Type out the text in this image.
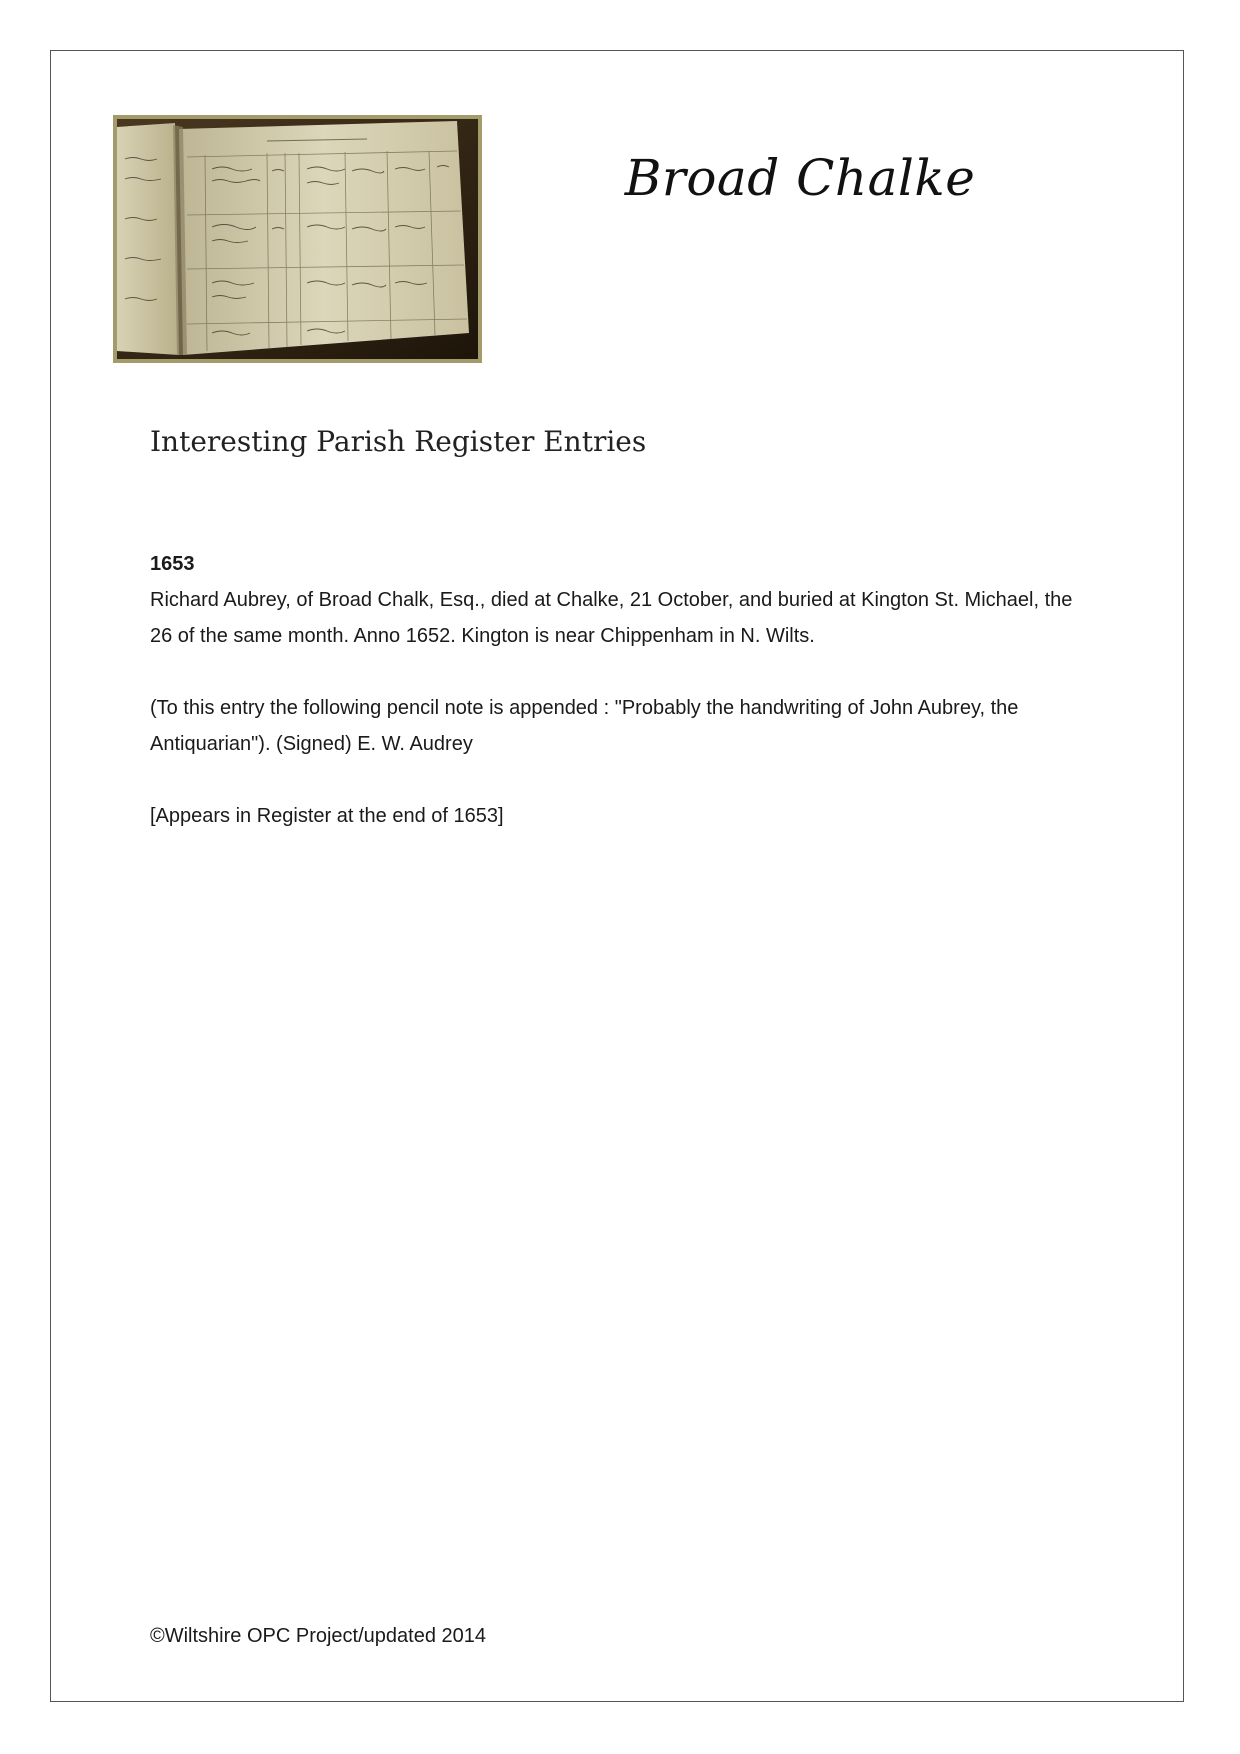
Broad Chalke
Interesting Parish Register Entries
1653

Richard Aubrey, of Broad Chalk, Esq., died at Chalke, 21 October, and buried at Kington St. Michael, the 26 of the same month. Anno 1652. Kington is near Chippenham in N. Wilts.

(To this entry the following pencil note is appended : "Probably the handwriting of John Aubrey, the Antiquarian"). (Signed) E. W. Audrey

[Appears in Register at the end of 1653]

©Wiltshire OPC Project/updated 2014
